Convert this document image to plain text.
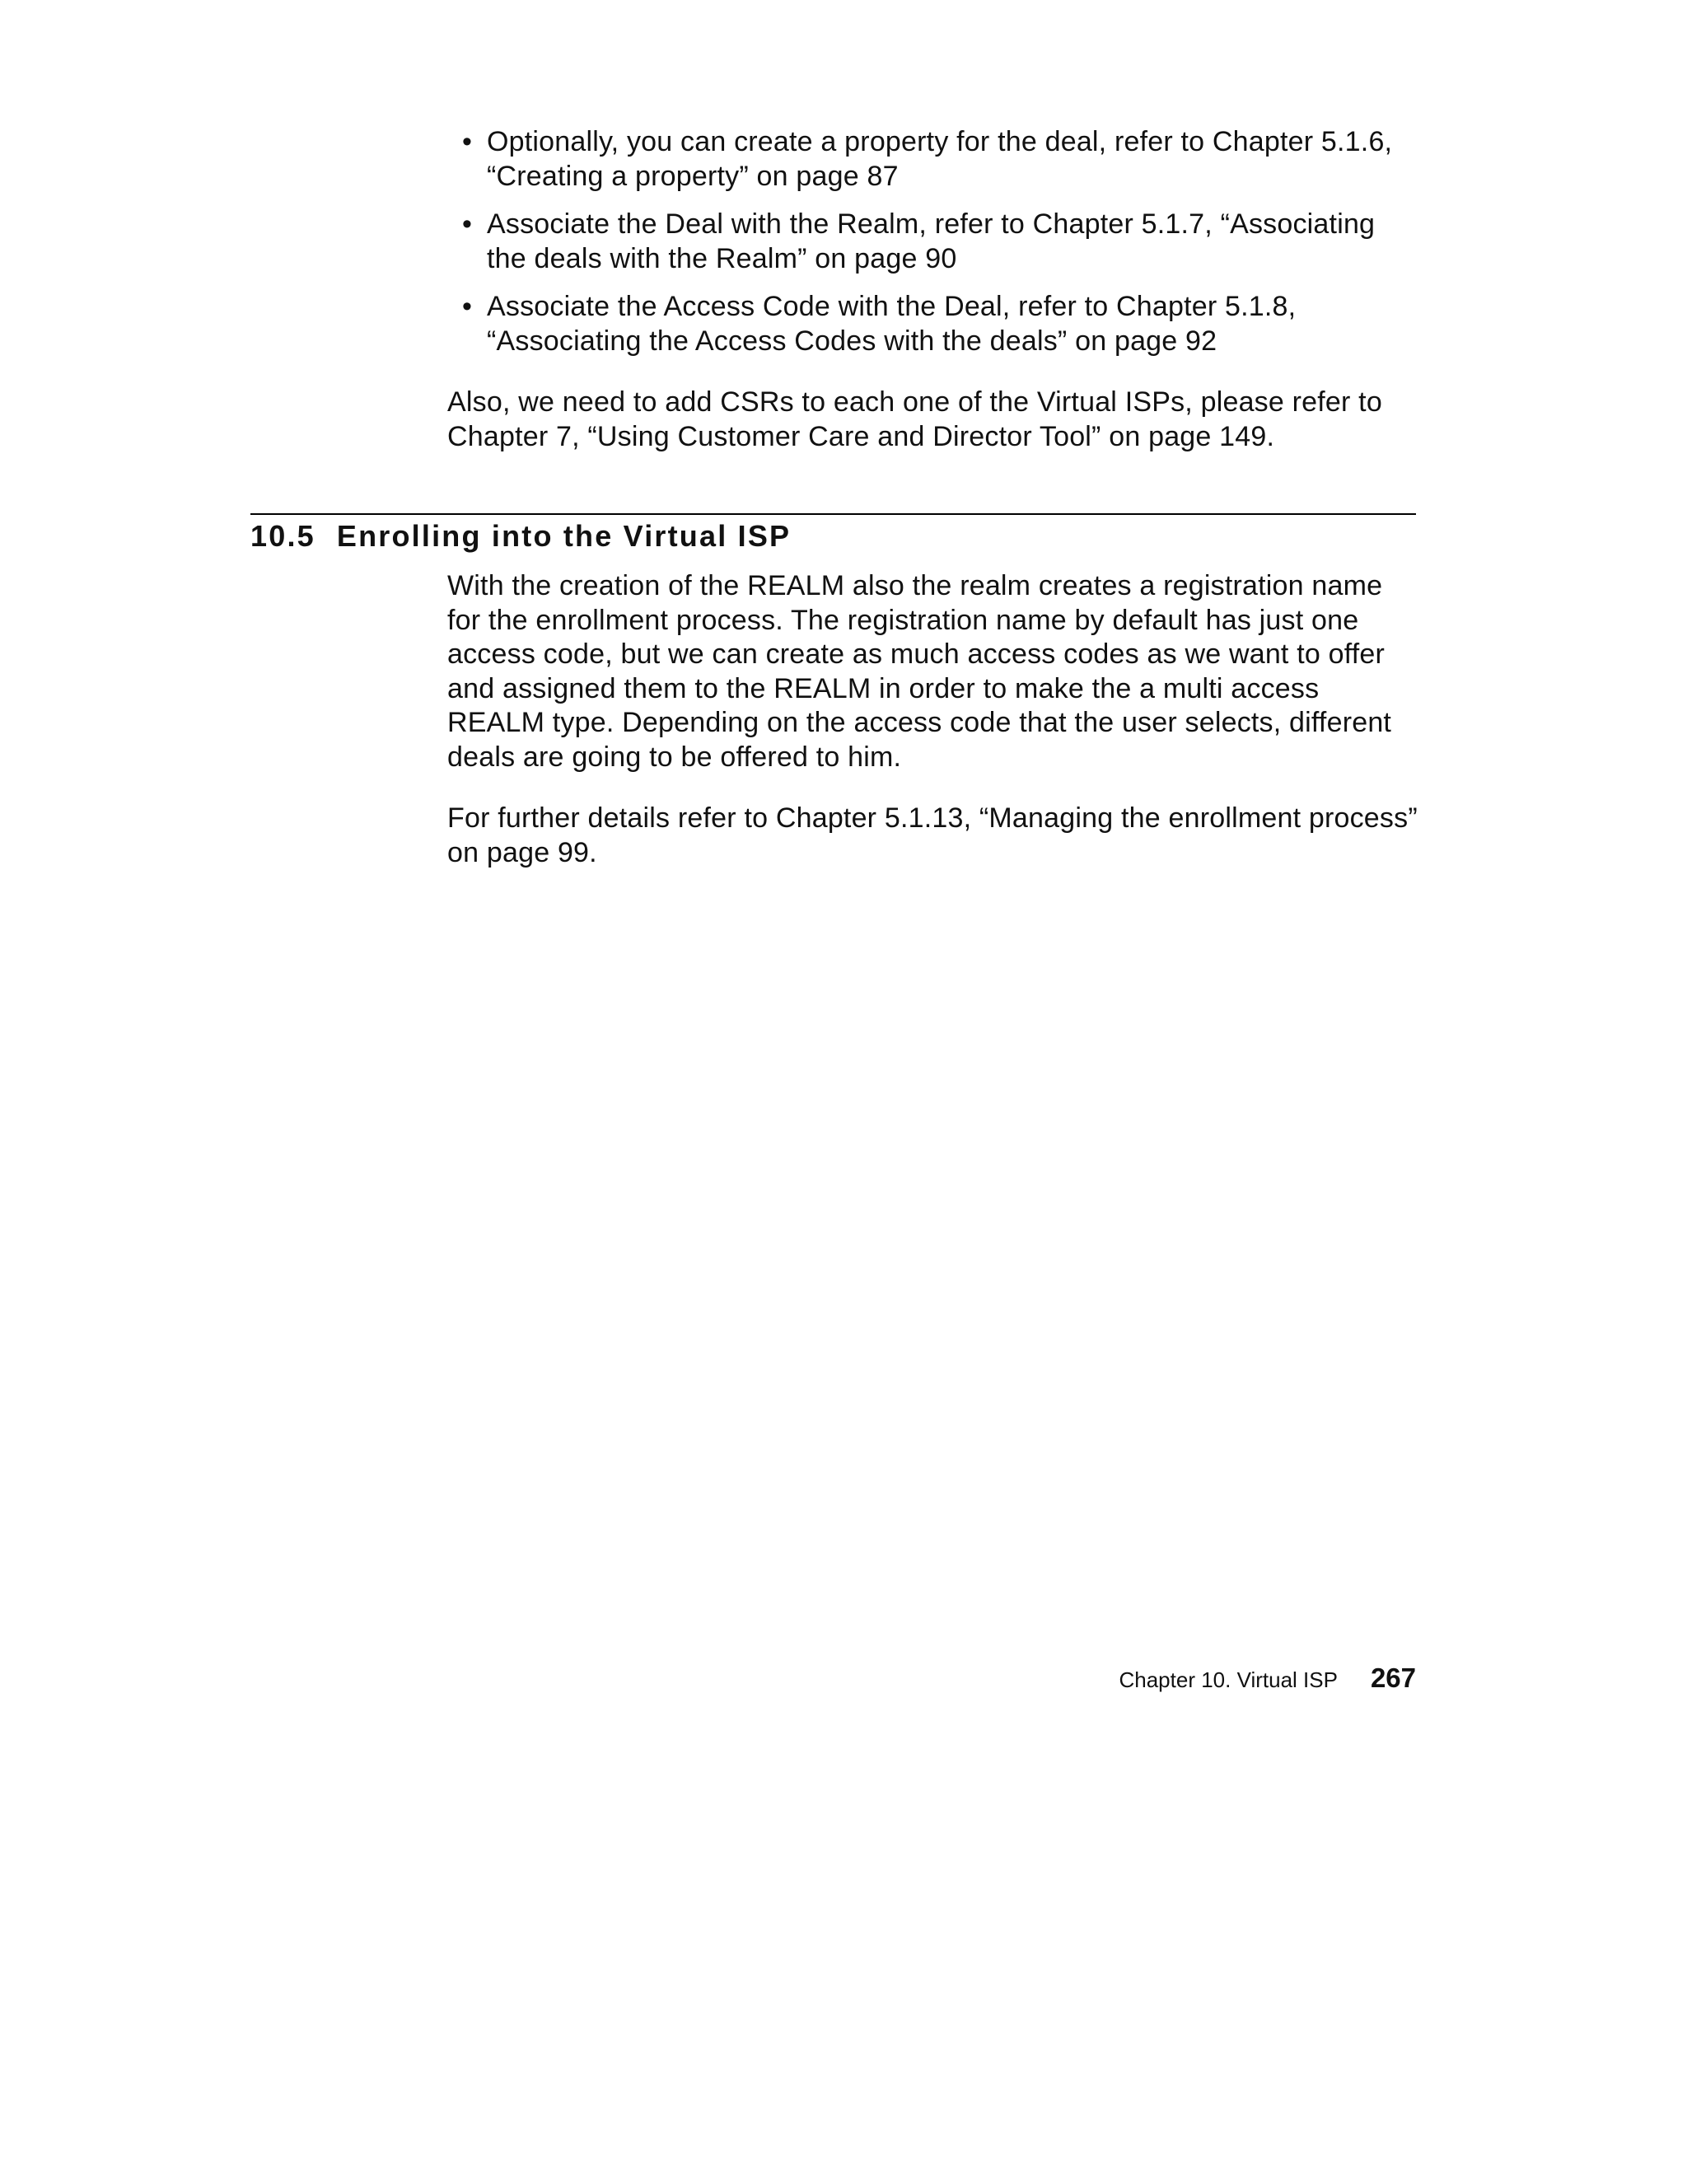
• Optionally, you can create a property for the deal, refer to Chapter 5.1.6, “Creating a property” on page 87
• Associate the Deal with the Realm, refer to Chapter 5.1.7, “Associating the deals with the Realm” on page 90
• Associate the Access Code with the Deal, refer to Chapter 5.1.8, “Associating the Access Codes with the deals” on page 92

Also, we need to add CSRs to each one of the Virtual ISPs, please refer to Chapter 7, “Using Customer Care and Director Tool” on page 149.

10.5 Enrolling into the Virtual ISP

With the creation of the REALM also the realm creates a registration name for the enrollment process. The registration name by default has just one access code, but we can create as much access codes as we want to offer and assigned them to the REALM in order to make the a multi access REALM type. Depending on the access code that the user selects, different deals are going to be offered to him.

For further details refer to Chapter 5.1.13, “Managing the enrollment process” on page 99.

Chapter 10. Virtual ISP 267
